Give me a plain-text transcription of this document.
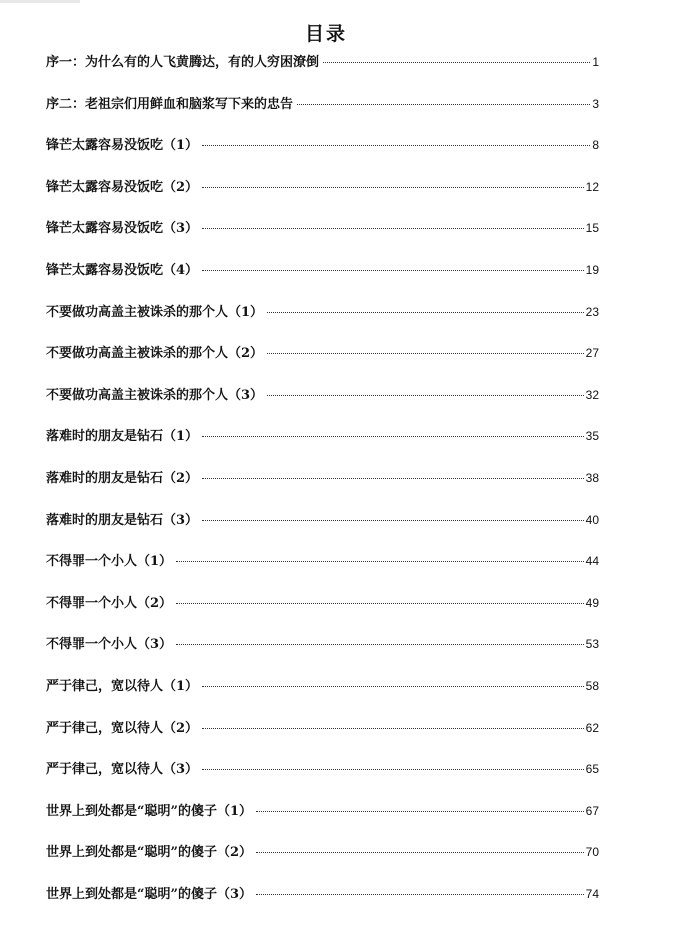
目录
序一：为什么有的人飞黄腾达，有的人穷困潦倒	1
序二：老祖宗们用鲜血和脑浆写下来的忠告	3
锋芒太露容易没饭吃（1）	8
锋芒太露容易没饭吃（2）	12
锋芒太露容易没饭吃（3）	15
锋芒太露容易没饭吃（4）	19
不要做功高盖主被诛杀的那个人（1）	23
不要做功高盖主被诛杀的那个人（2）	27
不要做功高盖主被诛杀的那个人（3）	32
落难时的朋友是钻石（1）	35
落难时的朋友是钻石（2）	38
落难时的朋友是钻石（3）	40
不得罪一个小人（1）	44
不得罪一个小人（2）	49
不得罪一个小人（3）	53
严于律己，宽以待人（1）	58
严于律己，宽以待人（2）	62
严于律己，宽以待人（3）	65
世界上到处都是“聪明”的傻子（1）	67
世界上到处都是“聪明”的傻子（2）	70
世界上到处都是“聪明”的傻子（3）	74
